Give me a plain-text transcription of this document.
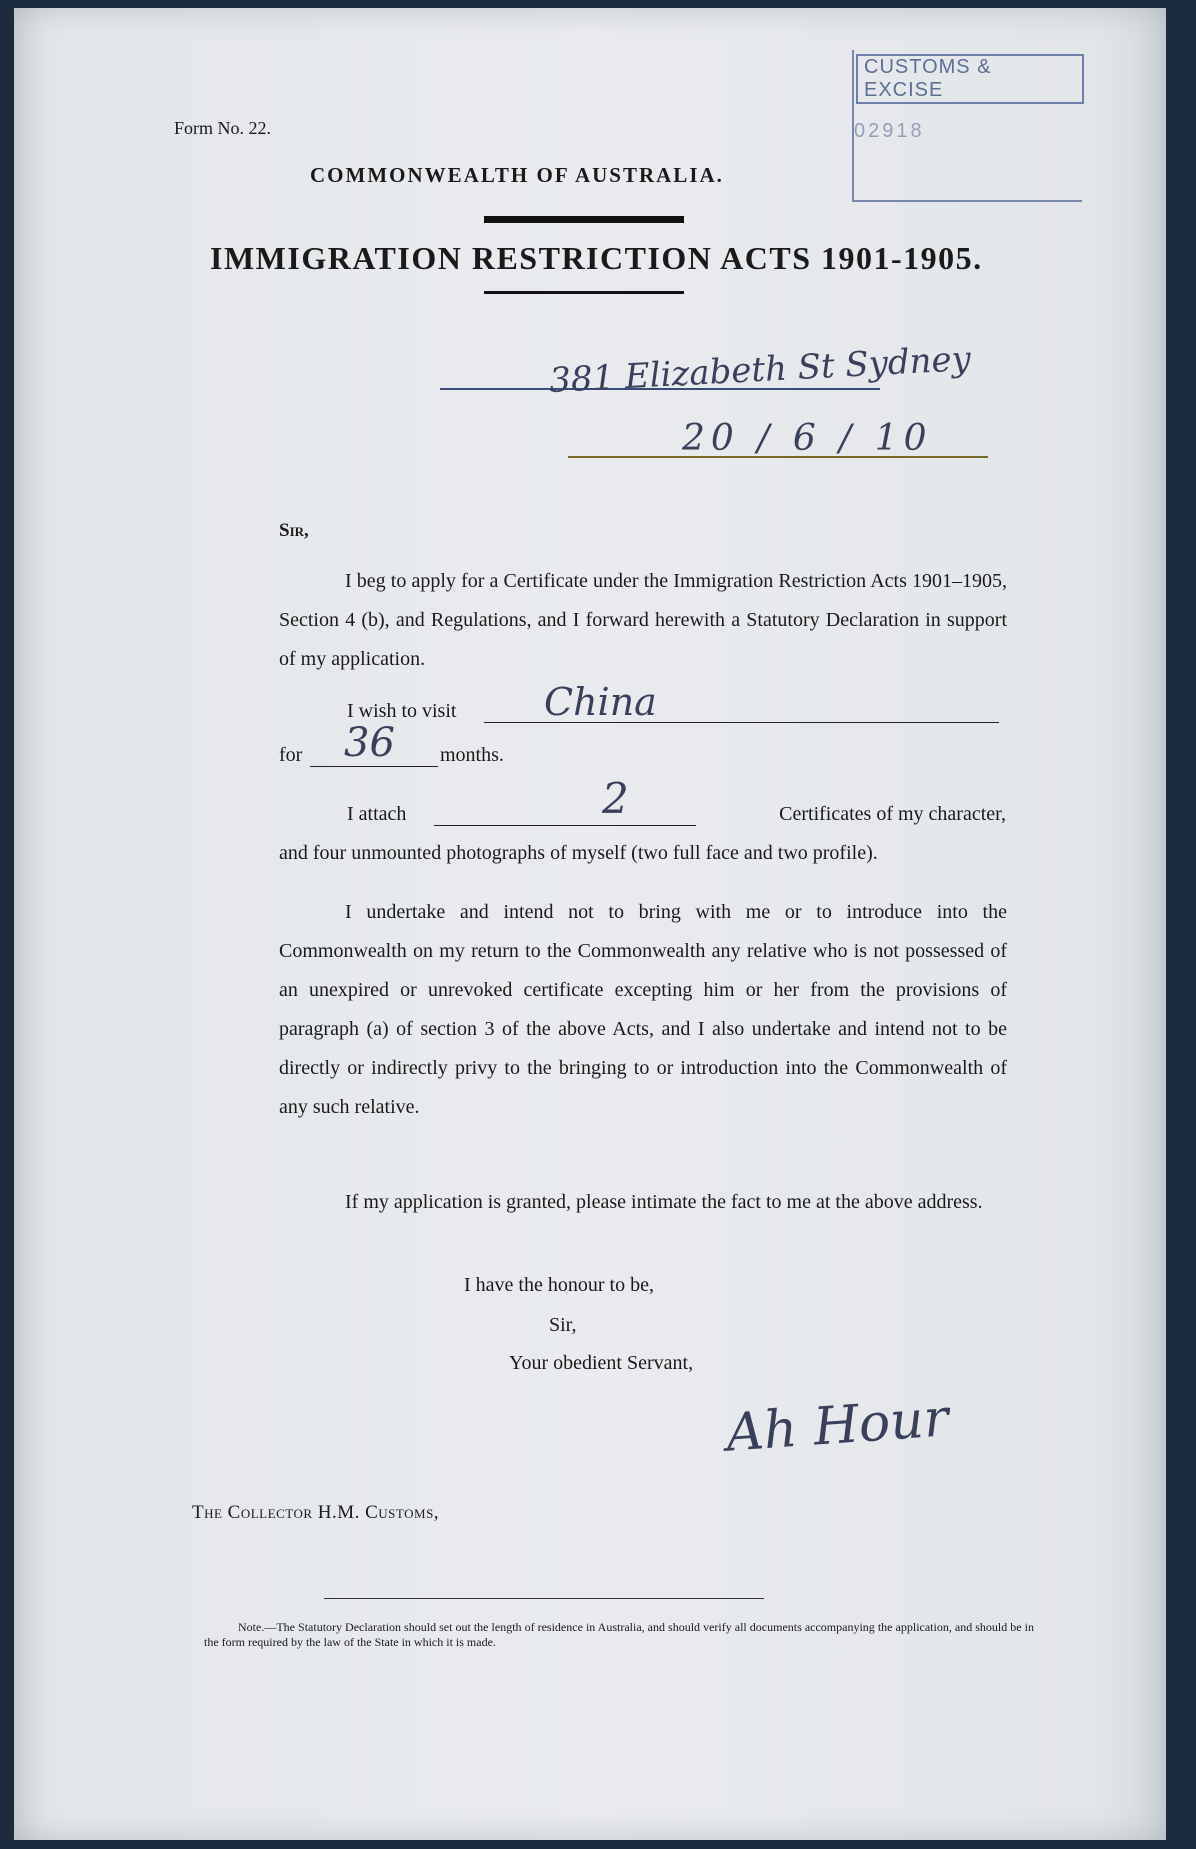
Form No. 22.
COMMONWEALTH OF AUSTRALIA.
IMMIGRATION RESTRICTION ACTS 1901-1905.
CUSTOMS & EXCISE
02918
381 Elizabeth St Sydney
20 / 6 / 10
Sir,
I beg to apply for a Certificate under the Immigration Restriction Acts 1901–1905, Section 4 (b), and Regulations, and I forward herewith a Statutory Declaration in support of my application.
I wish to visit China
for 36 months.
I attach	2	Certificates of my character,
and four unmounted photographs of myself (two full face and two profile).
I undertake and intend not to bring with me or to introduce into the Commonwealth on my return to the Commonwealth any relative who is not possessed of an unexpired or unrevoked certificate excepting him or her from the provisions of paragraph (a) of section 3 of the above Acts, and I also undertake and intend not to be directly or indirectly privy to the bringing to or introduction into the Commonwealth of any such relative.
If my application is granted, please intimate the fact to me at the above address.
I have the honour to be,
Sir,
Your obedient Servant,
Ah Hour
The Collector H.M. Customs,
Note.—The Statutory Declaration should set out the length of residence in Australia, and should verify all documents accompanying the application, and should be in the form required by the law of the State in which it is made.
